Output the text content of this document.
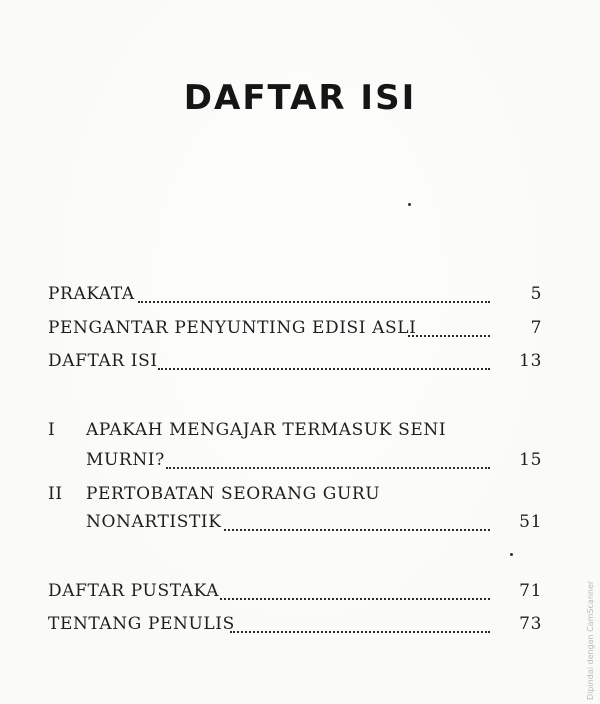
DAFTAR ISI
PRAKATA	5
PENGANTAR PENYUNTING EDISI ASLI	7
DAFTAR ISI	13
I APAKAH MENGAJAR TERMASUK SENI
MURNI?	15
II PERTOBATAN SEORANG GURU
NONARTISTIK	51
DAFTAR PUSTAKA	71
TENTANG PENULIS	73	Dipindai dengan CamScanner
